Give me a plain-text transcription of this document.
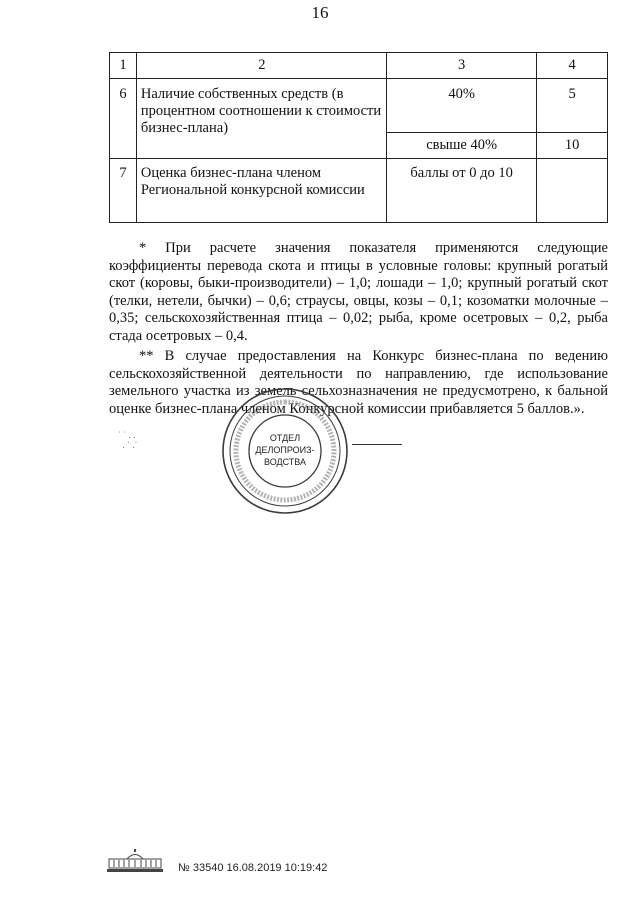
16
1	2	3	4
6	Наличие собственных средств (в процентном соотношении к стоимости бизнес-плана)	40%	5
		свыше 40%	10
7	Оценка бизнес-плана членом Региональной конкурсной комиссии	баллы от 0 до 10	

* При расчете значения показателя применяются следующие коэффициенты перевода скота и птицы в условные головы: крупный рогатый скот (коровы, быки-производители) – 1,0; лошади – 1,0; крупный рогатый скот (телки, нетели, бычки) – 0,6; страусы, овцы, козы – 0,1; козоматки молочные – 0,35; сельскохозяйственная птица – 0,02; рыба, кроме осетровых – 0,2, рыба стада осетровых – 0,4.

** В случае предоставления на Конкурс бизнес-плана по ведению сельскохозяйственной деятельности по направлению, где использование земельного участка из земель сельхозназначения не предусмотрено, к бальной оценке бизнес-плана членом Конкурсной комиссии прибавляется 5 баллов.».

ОТДЕЛ
ДЕЛОПРОИЗ-
ВОДСТВА
˙ ˙ . .
. ˙ .˙
№ 33540 16.08.2019 10:19:42
